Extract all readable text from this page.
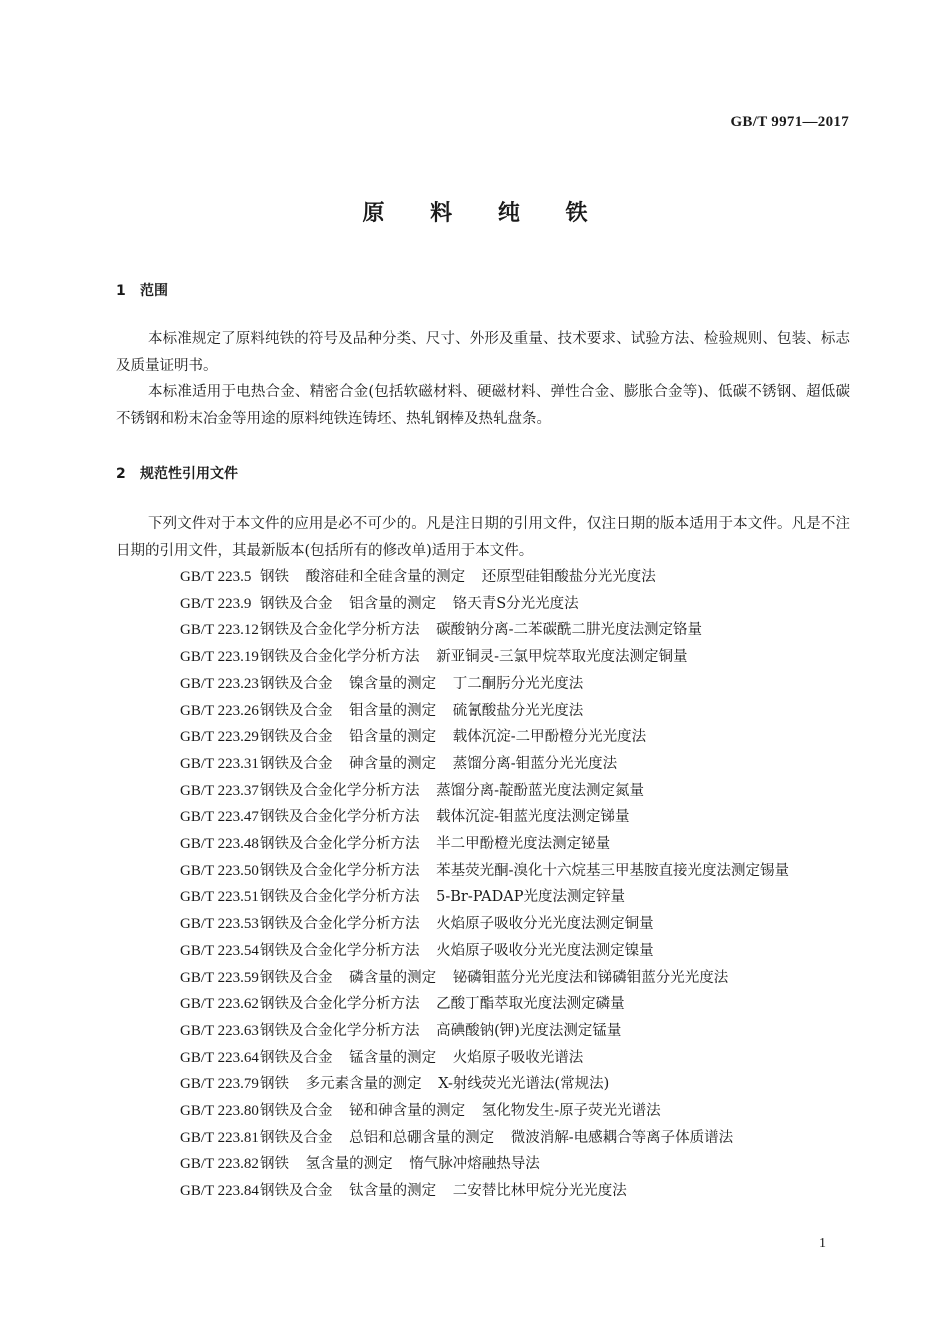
GB/T 9971—2017
原 料 纯 铁
1 范围

本标准规定了原料纯铁的符号及品种分类、尺寸、外形及重量、技术要求、试验方法、检验规则、包装、标志及质量证明书。

本标准适用于电热合金、精密合金(包括软磁材料、硬磁材料、弹性合金、膨胀合金等)、低碳不锈钢、超低碳不锈钢和粉末冶金等用途的原料纯铁连铸坯、热轧钢棒及热轧盘条。

2 规范性引用文件

下列文件对于本文件的应用是必不可少的。凡是注日期的引用文件，仅注日期的版本适用于本文件。凡是不注日期的引用文件，其最新版本(包括所有的修改单)适用于本文件。

GB/T 223.5 钢铁 酸溶硅和全硅含量的测定 还原型硅钼酸盐分光光度法
GB/T 223.9 钢铁及合金 铝含量的测定 铬天青S分光光度法
GB/T 223.12钢铁及合金化学分析方法 碳酸钠分离-二苯碳酰二肼光度法测定铬量
GB/T 223.19钢铁及合金化学分析方法 新亚铜灵-三氯甲烷萃取光度法测定铜量
GB/T 223.23钢铁及合金 镍含量的测定 丁二酮肟分光光度法
GB/T 223.26钢铁及合金 钼含量的测定 硫氰酸盐分光光度法
GB/T 223.29钢铁及合金 铅含量的测定 载体沉淀-二甲酚橙分光光度法
GB/T 223.31钢铁及合金 砷含量的测定 蒸馏分离-钼蓝分光光度法
GB/T 223.37钢铁及合金化学分析方法 蒸馏分离-靛酚蓝光度法测定氮量
GB/T 223.47钢铁及合金化学分析方法 载体沉淀-钼蓝光度法测定锑量
GB/T 223.48钢铁及合金化学分析方法 半二甲酚橙光度法测定铋量
GB/T 223.50钢铁及合金化学分析方法 苯基荧光酮-溴化十六烷基三甲基胺直接光度法测定锡量
GB/T 223.51钢铁及合金化学分析方法 5-Br-PADAP光度法测定锌量
GB/T 223.53钢铁及合金化学分析方法 火焰原子吸收分光光度法测定铜量
GB/T 223.54钢铁及合金化学分析方法 火焰原子吸收分光光度法测定镍量
GB/T 223.59钢铁及合金 磷含量的测定 铋磷钼蓝分光光度法和锑磷钼蓝分光光度法
GB/T 223.62钢铁及合金化学分析方法 乙酸丁酯萃取光度法测定磷量
GB/T 223.63钢铁及合金化学分析方法 高碘酸钠(钾)光度法测定锰量
GB/T 223.64钢铁及合金 锰含量的测定 火焰原子吸收光谱法
GB/T 223.79钢铁 多元素含量的测定 X-射线荧光光谱法(常规法)
GB/T 223.80钢铁及合金 铋和砷含量的测定 氢化物发生-原子荧光光谱法
GB/T 223.81钢铁及合金 总铝和总硼含量的测定 微波消解-电感耦合等离子体质谱法
GB/T 223.82钢铁 氢含量的测定 惰气脉冲熔融热导法
GB/T 223.84钢铁及合金 钛含量的测定 二安替比林甲烷分光光度法
1
